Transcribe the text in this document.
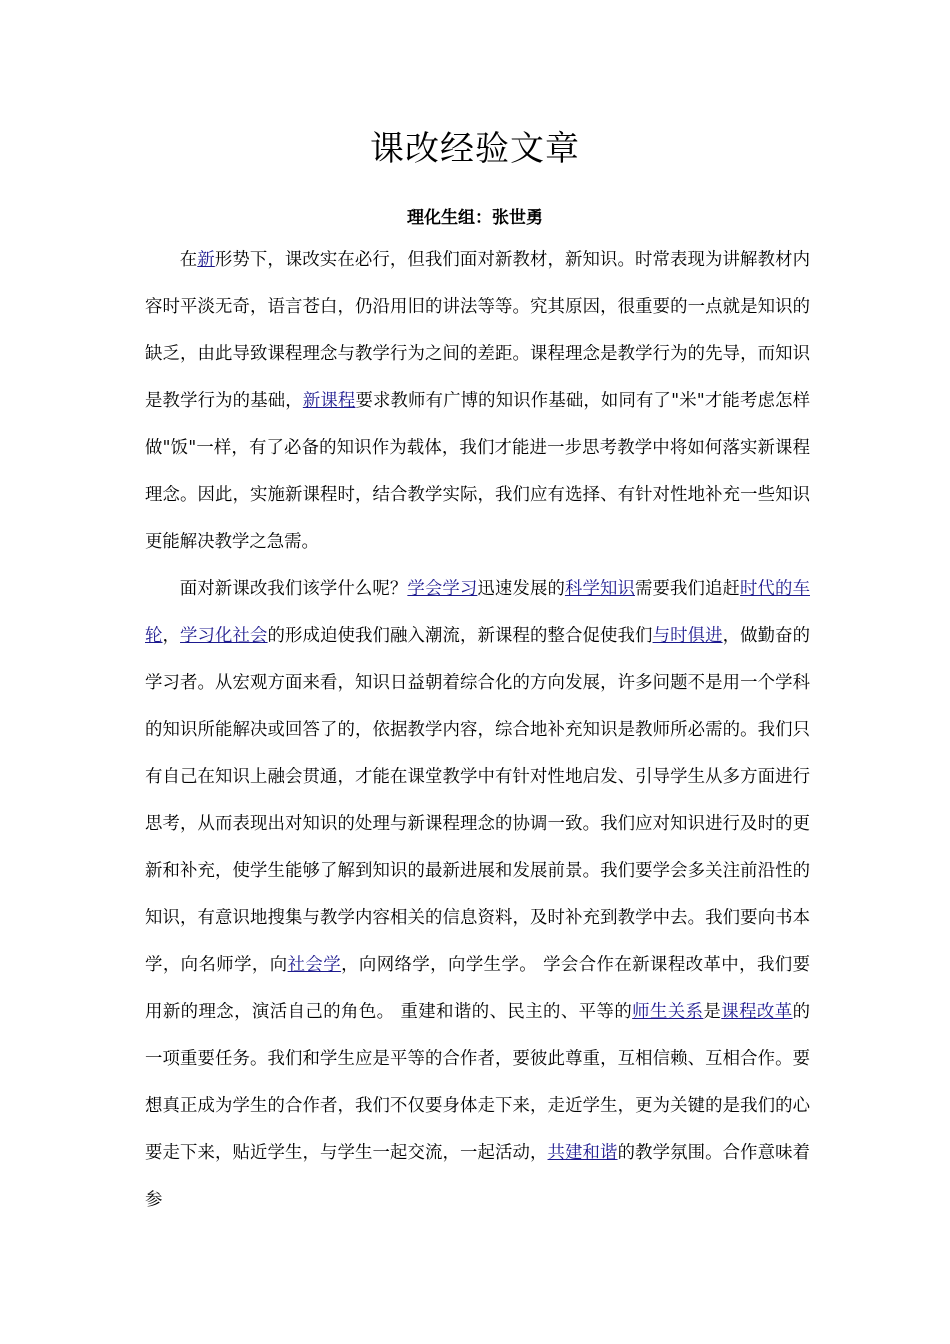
课改经验文章
理化生组：张世勇

在新形势下，课改实在必行，但我们面对新教材，新知识。时常表现为讲解教材内容时平淡无奇，语言苍白，仍沿用旧的讲法等等。究其原因，很重要的一点就是知识的缺乏，由此导致课程理念与教学行为之间的差距。课程理念是教学行为的先导，而知识是教学行为的基础，新课程要求教师有广博的知识作基础，如同有了"米"才能考虑怎样做"饭"一样，有了必备的知识作为载体，我们才能进一步思考教学中将如何落实新课程理念。因此，实施新课程时，结合教学实际，我们应有选择、有针对性地补充一些知识更能解决教学之急需。

面对新课改我们该学什么呢？学会学习迅速发展的科学知识需要我们追赶时代的车轮，学习化社会的形成迫使我们融入潮流，新课程的整合促使我们与时俱进，做勤奋的学习者。从宏观方面来看，知识日益朝着综合化的方向发展，许多问题不是用一个学科的知识所能解决或回答了的，依据教学内容，综合地补充知识是教师所必需的。我们只有自己在知识上融会贯通，才能在课堂教学中有针对性地启发、引导学生从多方面进行思考，从而表现出对知识的处理与新课程理念的协调一致。我们应对知识进行及时的更新和补充，使学生能够了解到知识的最新进展和发展前景。我们要学会多关注前沿性的知识，有意识地搜集与教学内容相关的信息资料，及时补充到教学中去。我们要向书本学，向名师学，向社会学，向网络学，向学生学。 学会合作在新课程改革中，我们要用新的理念，演活自己的角色。 重建和谐的、民主的、平等的师生关系是课程改革的一项重要任务。我们和学生应是平等的合作者，要彼此尊重，互相信赖、互相合作。要想真正成为学生的合作者，我们不仅要身体走下来，走近学生，更为关键的是我们的心要走下来，贴近学生，与学生一起交流，一起活动，共建和谐的教学氛围。合作意味着参
